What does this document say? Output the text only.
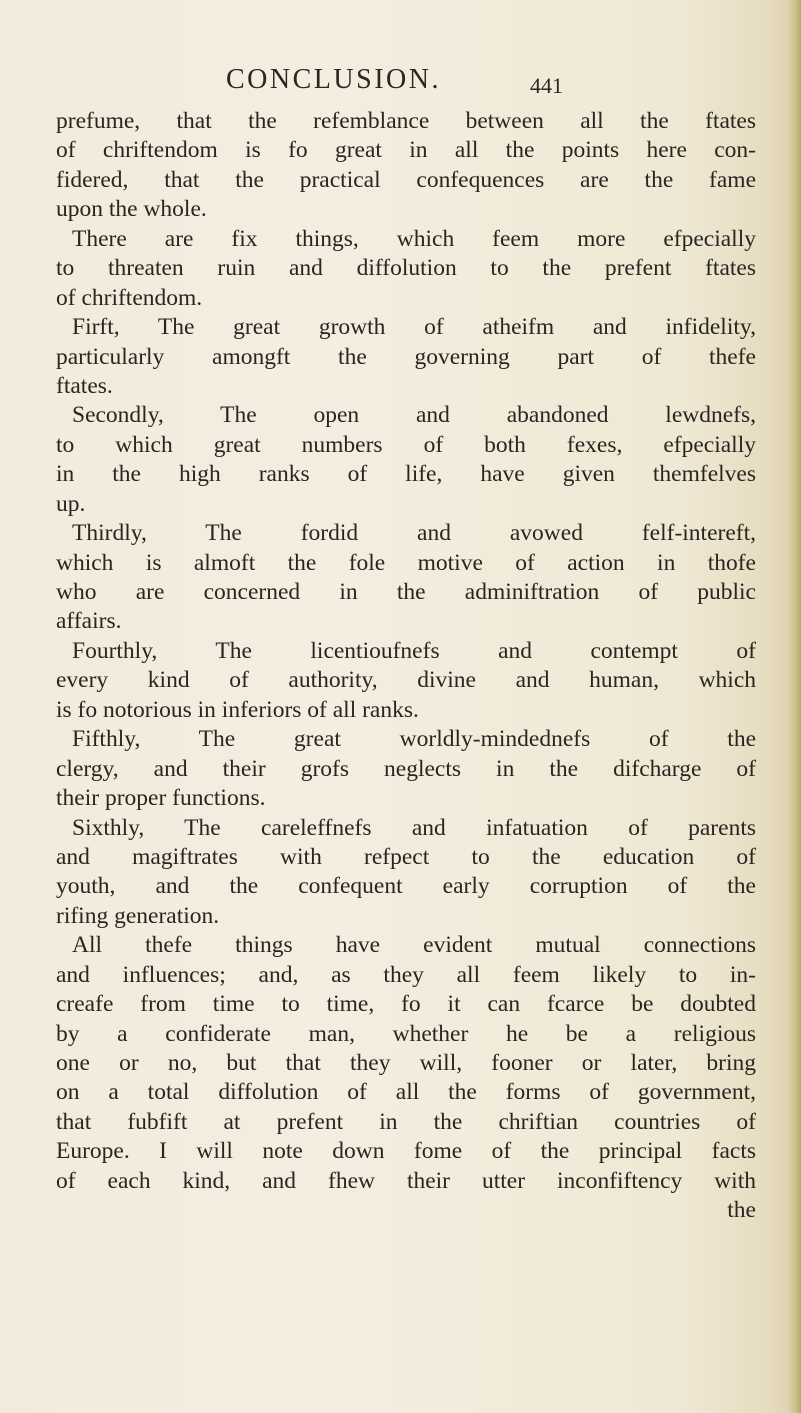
CONCLUSION.	441
prefume, that the refemblance between all the ftates
of chriftendom is fo great in all the points here con-
fidered, that the practical confequences are the fame
upon the whole.
There are fix things, which feem more efpecially
to threaten ruin and diffolution to the prefent ftates
of chriftendom.
Firft, The great growth of atheifm and infidelity,
particularly amongft the governing part of thefe
ftates.
Secondly, The open and abandoned lewdnefs,
to which great numbers of both fexes, efpecially
in the high ranks of life, have given themfelves
up.
Thirdly, The fordid and avowed felf-intereft,
which is almoft the fole motive of action in thofe
who are concerned in the adminiftration of public
affairs.
Fourthly, The licentioufnefs and contempt of
every kind of authority, divine and human, which
is fo notorious in inferiors of all ranks.
Fifthly, The great worldly-mindednefs of the
clergy, and their grofs neglects in the difcharge of
their proper functions.
Sixthly, The careleffnefs and infatuation of parents
and magiftrates with refpect to the education of
youth, and the confequent early corruption of the
rifing generation.
All thefe things have evident mutual connections
and influences; and, as they all feem likely to in-
creafe from time to time, fo it can fcarce be doubted
by a confiderate man, whether he be a religious
one or no, but that they will, fooner or later, bring
on a total diffolution of all the forms of government,
that fubfift at prefent in the chriftian countries of
Europe. I will note down fome of the principal facts
of each kind, and fhew their utter inconfiftency with
the
